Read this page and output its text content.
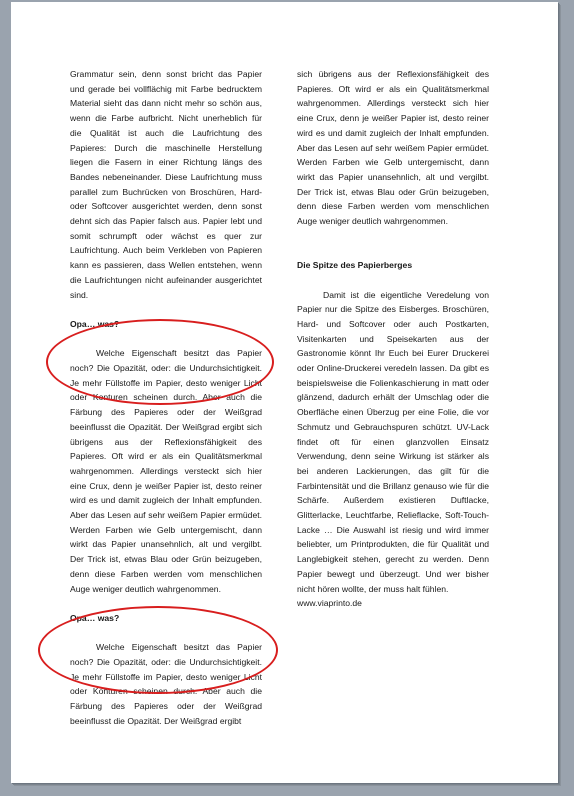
Grammatur sein, denn sonst bricht das Papier und gerade bei vollflächig mit Farbe bedrucktem Material sieht das dann nicht mehr so schön aus, wenn die Farbe aufbricht. Nicht unerheblich für die Qualität ist auch die Laufrichtung des Papieres: Durch die maschinelle Herstellung liegen die Fasern in einer Richtung längs des Bandes nebeneinander. Diese Laufrichtung muss parallel zum Buchrücken von Broschüren, Hard- oder Softcover ausgerichtet werden, denn sonst dehnt sich das Papier falsch aus. Papier lebt und somit schrumpft oder wächst es quer zur Laufrichtung. Auch beim Verkleben von Papieren kann es passieren, dass Wellen entstehen, wenn die Laufrichtungen nicht aufeinander ausgerichtet sind.

Opa… was?

Welche Eigenschaft besitzt das Papier noch? Die Opazität, oder: die Undurchsichtigkeit. Je mehr Füllstoffe im Papier, desto weniger Licht oder Konturen scheinen durch. Aber auch die Färbung des Papieres oder der Weißgrad beeinflusst die Opazität. Der Weißgrad ergibt sich übrigens aus der Reflexionsfähigkeit des Papieres. Oft wird er als ein Qualitätsmerkmal wahrgenommen. Allerdings versteckt sich hier eine Crux, denn je weißer Papier ist, desto reiner wird es und damit zugleich der Inhalt empfunden. Aber das Lesen auf sehr weißem Papier ermüdet. Werden Farben wie Gelb untergemischt, dann wirkt das Papier unansehnlich, alt und vergilbt. Der Trick ist, etwas Blau oder Grün beizugeben, denn diese Farben werden vom menschlichen Auge weniger deutlich wahrgenommen.

Opa… was?

Welche Eigenschaft besitzt das Papier noch? Die Opazität, oder: die Undurchsichtigkeit. Je mehr Füllstoffe im Papier, desto weniger Licht oder Konturen scheinen durch. Aber auch die Färbung des Papieres oder der Weißgrad beeinflusst die Opazität. Der Weißgrad ergibt

sich übrigens aus der Reflexionsfähigkeit des Papieres. Oft wird er als ein Qualitätsmerkmal wahrgenommen. Allerdings versteckt sich hier eine Crux, denn je weißer Papier ist, desto reiner wird es und damit zugleich der Inhalt empfunden. Aber das Lesen auf sehr weißem Papier ermüdet. Werden Farben wie Gelb untergemischt, dann wirkt das Papier unansehnlich, alt und vergilbt. Der Trick ist, etwas Blau oder Grün beizugeben, denn diese Farben werden vom menschlichen Auge weniger deutlich wahrgenommen.

Die Spitze des Papierberges

Damit ist die eigentliche Veredelung von Papier nur die Spitze des Eisberges. Broschüren, Hard- und Softcover oder auch Postkarten, Visitenkarten und Speisekarten aus der Gastronomie könnt Ihr Euch bei Eurer Druckerei oder Online-Druckerei veredeln lassen. Da gibt es beispielsweise die Folienkaschierung in matt oder glänzend, dadurch erhält der Umschlag oder die Oberfläche einen Überzug per eine Folie, die vor Schmutz und Gebrauchspuren schützt. UV-Lack findet oft für einen glanzvollen Einsatz Verwendung, denn seine Wirkung ist stärker als bei anderen Lackierungen, das gilt für die Farbintensität und die Brillanz genauso wie für die Schärfe. Außerdem existieren Duftlacke, Glitterlacke, Leuchtfarbe, Relieflacke, Soft-Touch-Lacke … Die Auswahl ist riesig und wird immer beliebter, um Printprodukten, die für Qualität und Langlebigkeit stehen, gerecht zu werden. Denn Papier bewegt und überzeugt. Und wer bisher nicht hören wollte, der muss halt fühlen.

www.viaprinto.de
